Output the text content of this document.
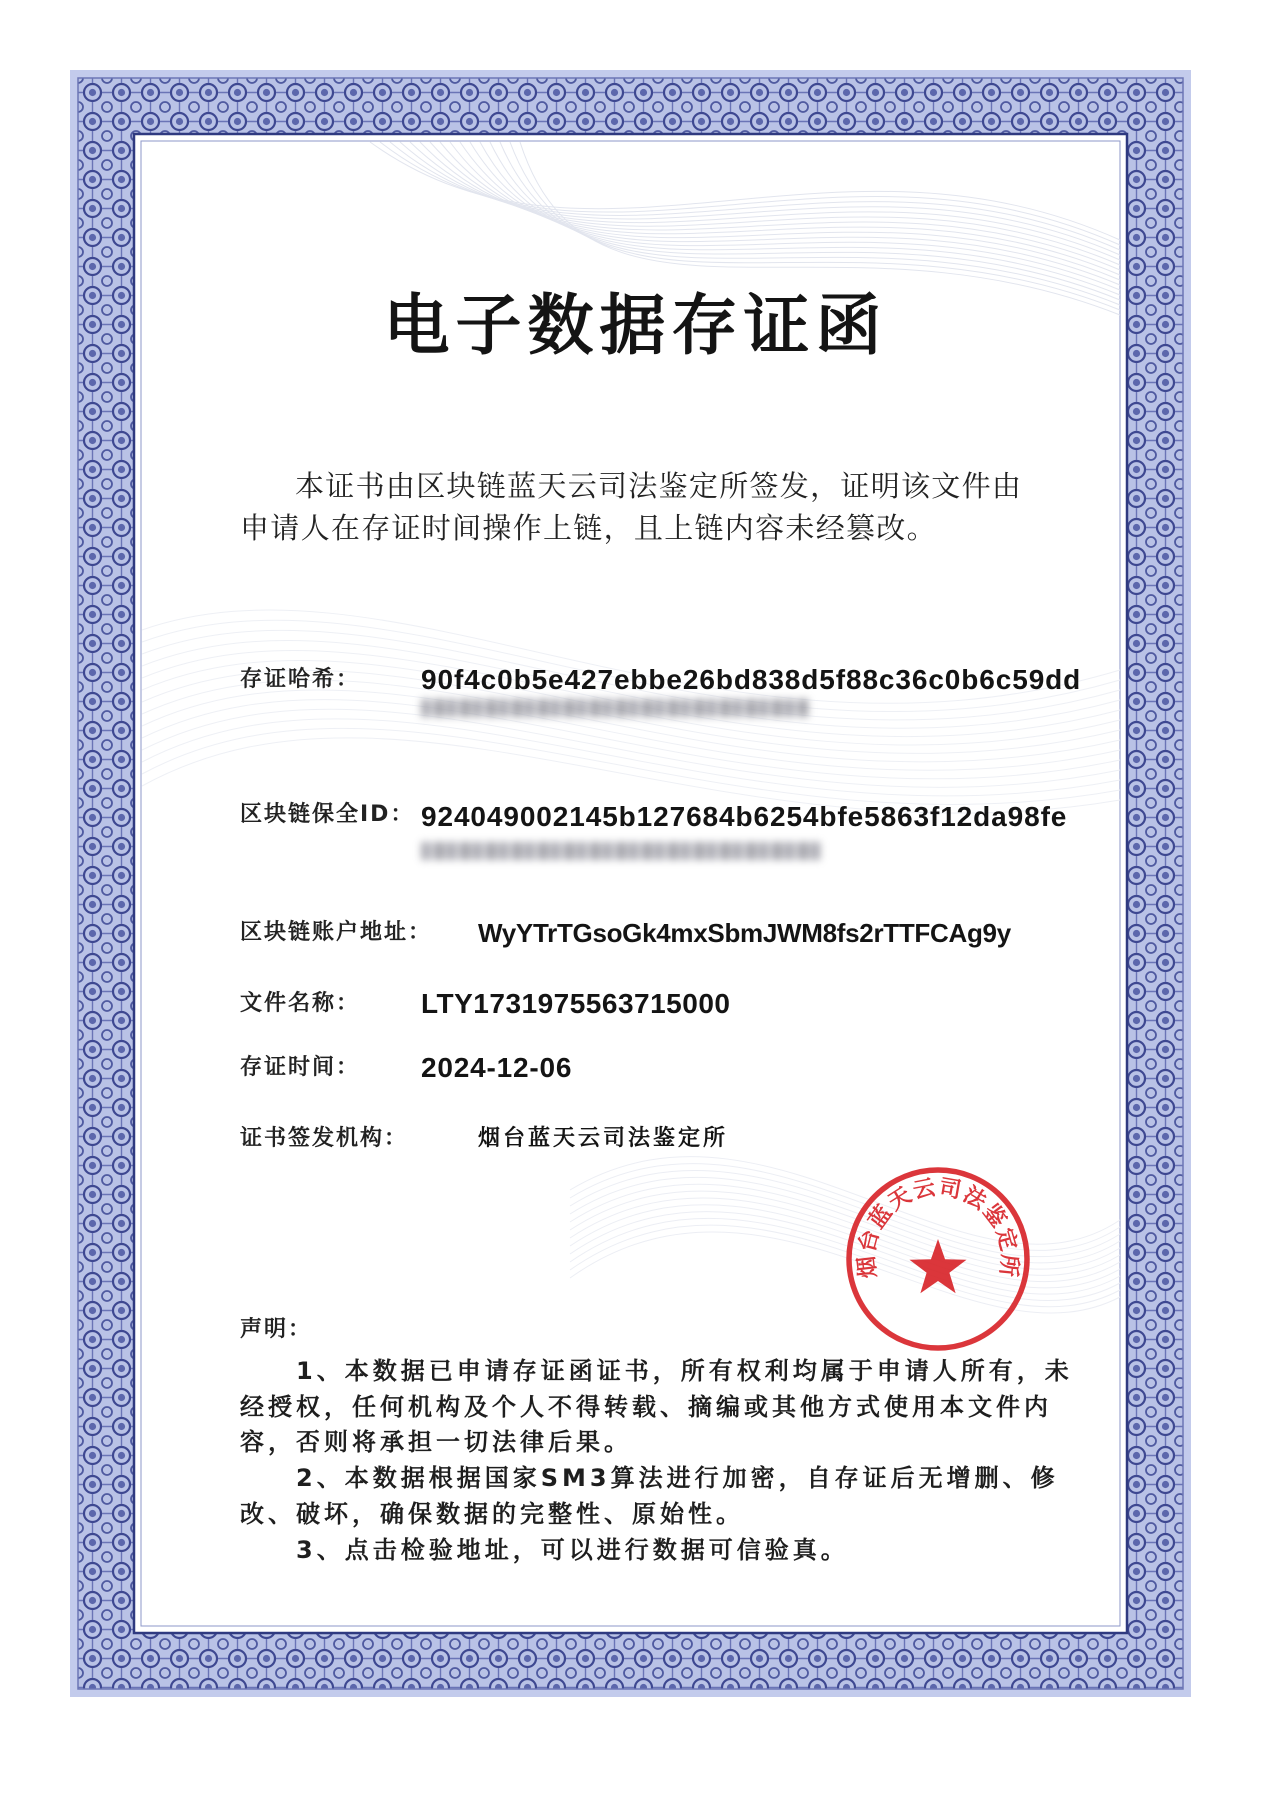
电子数据存证函
本证书由区块链蓝天云司法鉴定所签发，证明该文件由
申请人在存证时间操作上链，且上链内容未经篡改。
存证哈希： 90f4c0b5e427ebbe26bd838d5f88c36c0b6c59dd
区块链保全ID： 924049002145b127684b6254bfe5863f12da98fe
区块链账户地址： WyYTrTGsoGk4mxSbmJWM8fs2rTTFCAg9y
文件名称： LTY1731975563715000
存证时间： 2024-12-06
证书签发机构：	烟台蓝天云司法鉴定所
烟台蓝天云司法鉴定所
声明：
1、本数据已申请存证函证书，所有权利均属于申请人所有，未
经授权，任何机构及个人不得转载、摘编或其他方式使用本文件内
容，否则将承担一切法律后果。
2、本数据根据国家SM3算法进行加密，自存证后无增删、修
改、破坏，确保数据的完整性、原始性。
3、点击检验地址，可以进行数据可信验真。
